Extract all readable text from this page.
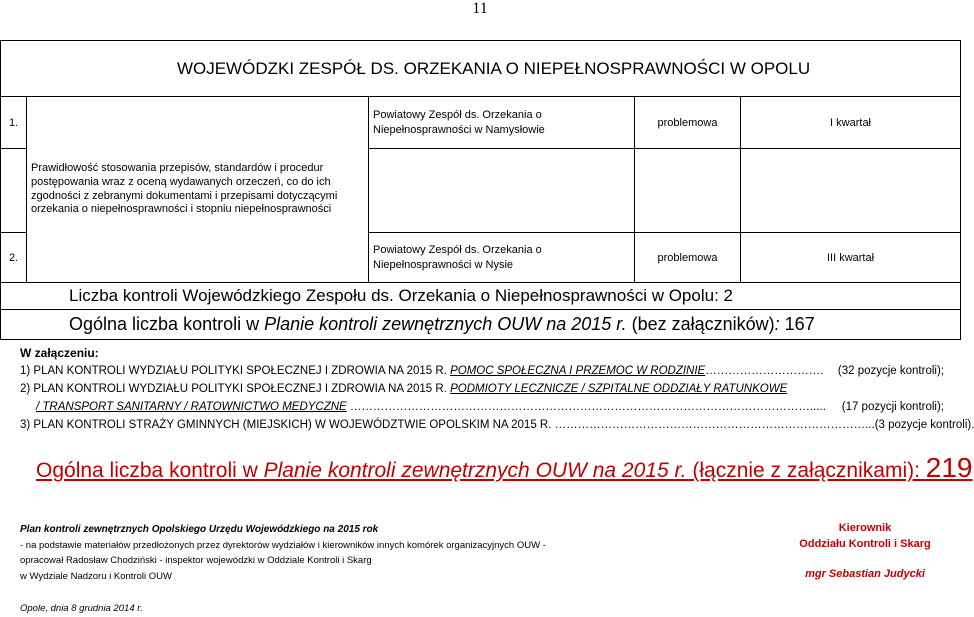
11
WOJEWÓDZKI ZESPÓŁ DS. ORZEKANIA O NIEPEŁNOSPRAWNOŚCI W OPOLU				
1.	Prawidłowość stosowania przepisów, standardów i procedur postępowania wraz z oceną wydawanych orzeczeń, co do ich zgodności z zebranymi dokumentami i przepisami dotyczącymi orzekania o niepełnosprawności i stopniu niepełnosprawności	Powiatowy Zespół ds. Orzekania o Niepełnosprawności w Namysłowie	problemowa	I kwartał

2.		Powiatowy Zespół ds. Orzekania o Niepełnosprawności w Nysie	problemowa	III kwartał
Liczba kontroli Wojewódzkiego Zespołu ds. Orzekania o Niepełnosprawności w Opolu: 2				
Ogólna liczba kontroli w Planie kontroli zewnętrznych OUW na 2015 r. (bez załączników): 167				
W załączeniu:
1) PLAN KONTROLI WYDZIAŁU POLITYKI SPOŁECZNEJ I ZDROWIA NA 2015 R. POMOC SPOŁECZNA I PRZEMOC W RODZINIE…………………………. (32 pozycje kontroli);
2) PLAN KONTROLI WYDZIAŁU POLITYKI SPOŁECZNEJ I ZDROWIA NA 2015 R. PODMIOTY LECZNICZE / SZPITALNE ODDZIAŁY RATUNKOWE
/ TRANSPORT SANITARNY / RATOWNICTWO MEDYCZNE …………………………………………………………………………………………………………..... (17 pozycji kontroli);
3) PLAN KONTROLI STRAŻY GMINNYCH (MIEJSKICH) W WOJEWÓDZTWIE OPOLSKIM NA 2015 R. ………………………………………………………………………... (3 pozycje kontroli).
Ogólna liczba kontroli w Planie kontroli zewnętrznych OUW na 2015 r. (łącznie z załącznikami): 219
Plan kontroli zewnętrznych Opolskiego Urzędu Wojewódzkiego na 2015 rok
- na podstawie materiałów przedłożonych przez dyrektorów wydziałów i kierowników innych komórek organizacyjnych OUW -
opracował Radosław Chodziński - inspektor wojewódzki w Oddziale Kontroli i Skarg
w Wydziale Nadzoru i Kontroli OUW
Opole, dnia 8 grudnia 2014 r.
Kierownik
Oddziału Kontroli i Skarg
mgr Sebastian Judycki
